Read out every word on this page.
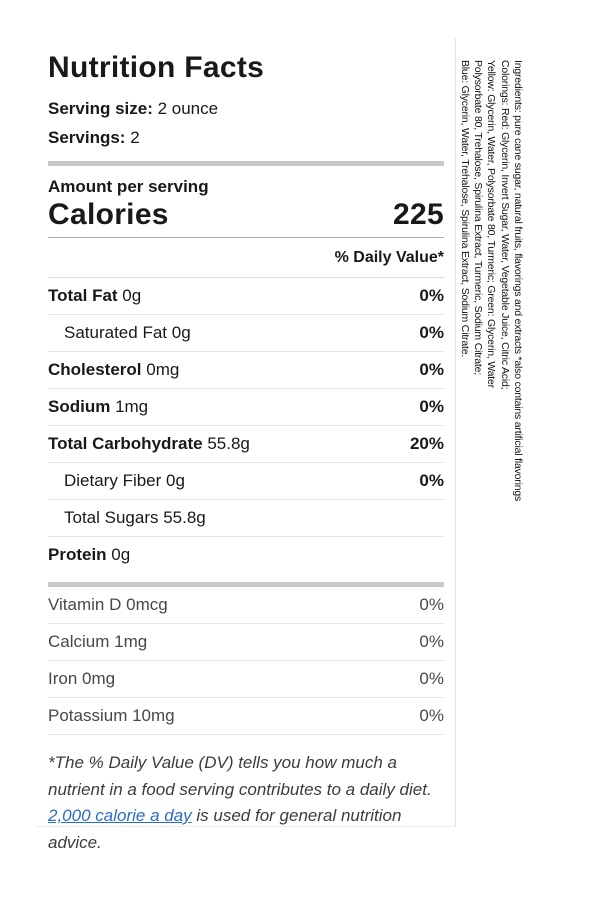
Nutrition Facts
Serving size: 2 ounce
Servings: 2
Amount per serving
Calories	225
% Daily Value*
Total Fat 0g	0%
Saturated Fat 0g	0%
Cholesterol 0mg	0%
Sodium 1mg	0%
Total Carbohydrate 55.8g	20%
Dietary Fiber 0g	0%
Total Sugars 55.8g
Protein 0g
Vitamin D 0mcg	0%
Calcium 1mg	0%
Iron 0mg	0%
Potassium 10mg	0%
*The % Daily Value (DV) tells you how much a nutrient in a food serving contributes to a daily diet. 2,000 calorie a day is used for general nutrition advice.
Ingredients: pure cane sugar, natural fruits, flavorings and extracts *also contains artificial flavorings
Colorings: Red: Glycerin, Invert Sugar, Water, Vegetable Juice, Citric Acid;
Yellow: Glycerin, Water, Polysorbate 80, Turmeric; Green: Glycerin, Water
Polysorbate 80, Trehalose, Spirulina Extract, Turmeric, Sodium Citrate;
Blue: Glycerin, Water, Trehalose, Spirulina Extract, Sodium Citrate.
